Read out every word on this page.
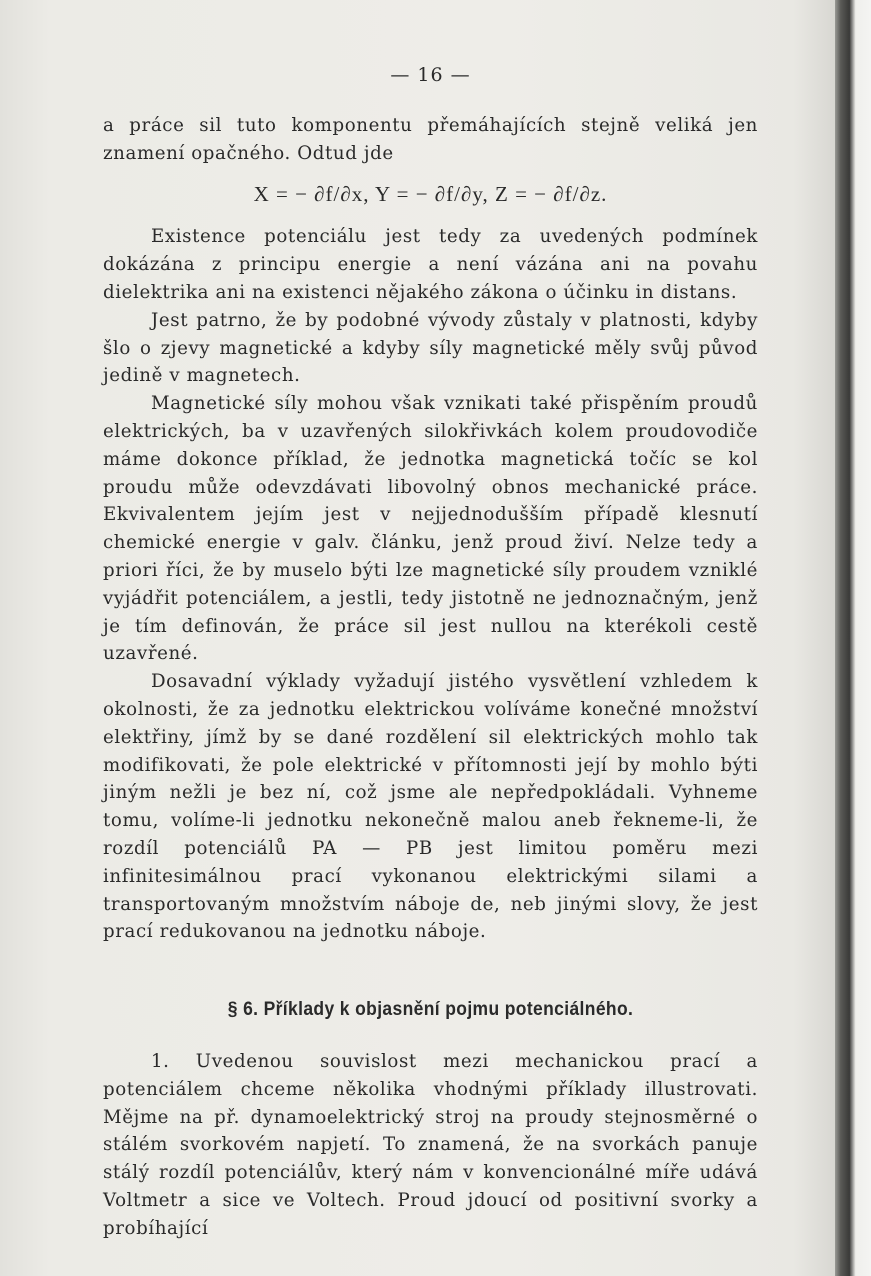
— 16 —

a práce sil tuto komponentu přemáhajících stejně veliká jen znamení opačného. Odtud jde

X = − ∂f/∂x, Y = − ∂f/∂y, Z = − ∂f/∂z.

Existence potenciálu jest tedy za uvedených podmínek dokázána z principu energie a není vázána ani na povahu dielektrika ani na existenci nějakého zákona o účinku in distans.

Jest patrno, že by podobné vývody zůstaly v platnosti, kdyby šlo o zjevy magnetické a kdyby síly magnetické měly svůj původ jedině v magnetech.

Magnetické síly mohou však vznikati také přispěním proudů elektrických, ba v uzavřených silokřivkách kolem proudovodiče máme dokonce příklad, že jednotka magnetická točíc se kol proudu může odevzdávati libovolný obnos mechanické práce. Ekvivalentem jejím jest v nejjednodušším případě klesnutí chemické energie v galv. článku, jenž proud živí. Nelze tedy a priori říci, že by muselo býti lze magnetické síly proudem vzniklé vyjádřit potenciálem, a jestli, tedy jistotně ne jednoznačným, jenž je tím definován, že práce sil jest nullou na kterékoli cestě uzavřené.

Dosavadní výklady vyžadují jistého vysvětlení vzhledem k okolnosti, že za jednotku elektrickou volíváme konečné množství elektřiny, jímž by se dané rozdělení sil elektrických mohlo tak modifikovati, že pole elektrické v přítomnosti její by mohlo býti jiným nežli je bez ní, což jsme ale nepředpokládali. Vyhneme tomu, volíme-li jednotku nekonečně malou aneb řekneme-li, že rozdíl potenciálů PA — PB jest limitou poměru mezi infinitesimálnou prací vykonanou elektrickými silami a transportovaným množstvím náboje de, neb jinými slovy, že jest prací redukovanou na jednotku náboje.

§ 6. Příklady k objasnění pojmu potenciálného.

1. Uvedenou souvislost mezi mechanickou prací a potenciálem chceme několika vhodnými příklady illustrovati. Mějme na př. dynamoelektrický stroj na proudy stejnosměrné o stálém svorkovém napjetí. To znamená, že na svorkách panuje stálý rozdíl potenciálův, který nám v konvencionálné míře udává Voltmetr a sice ve Voltech. Proud jdoucí od positivní svorky a probíhající
